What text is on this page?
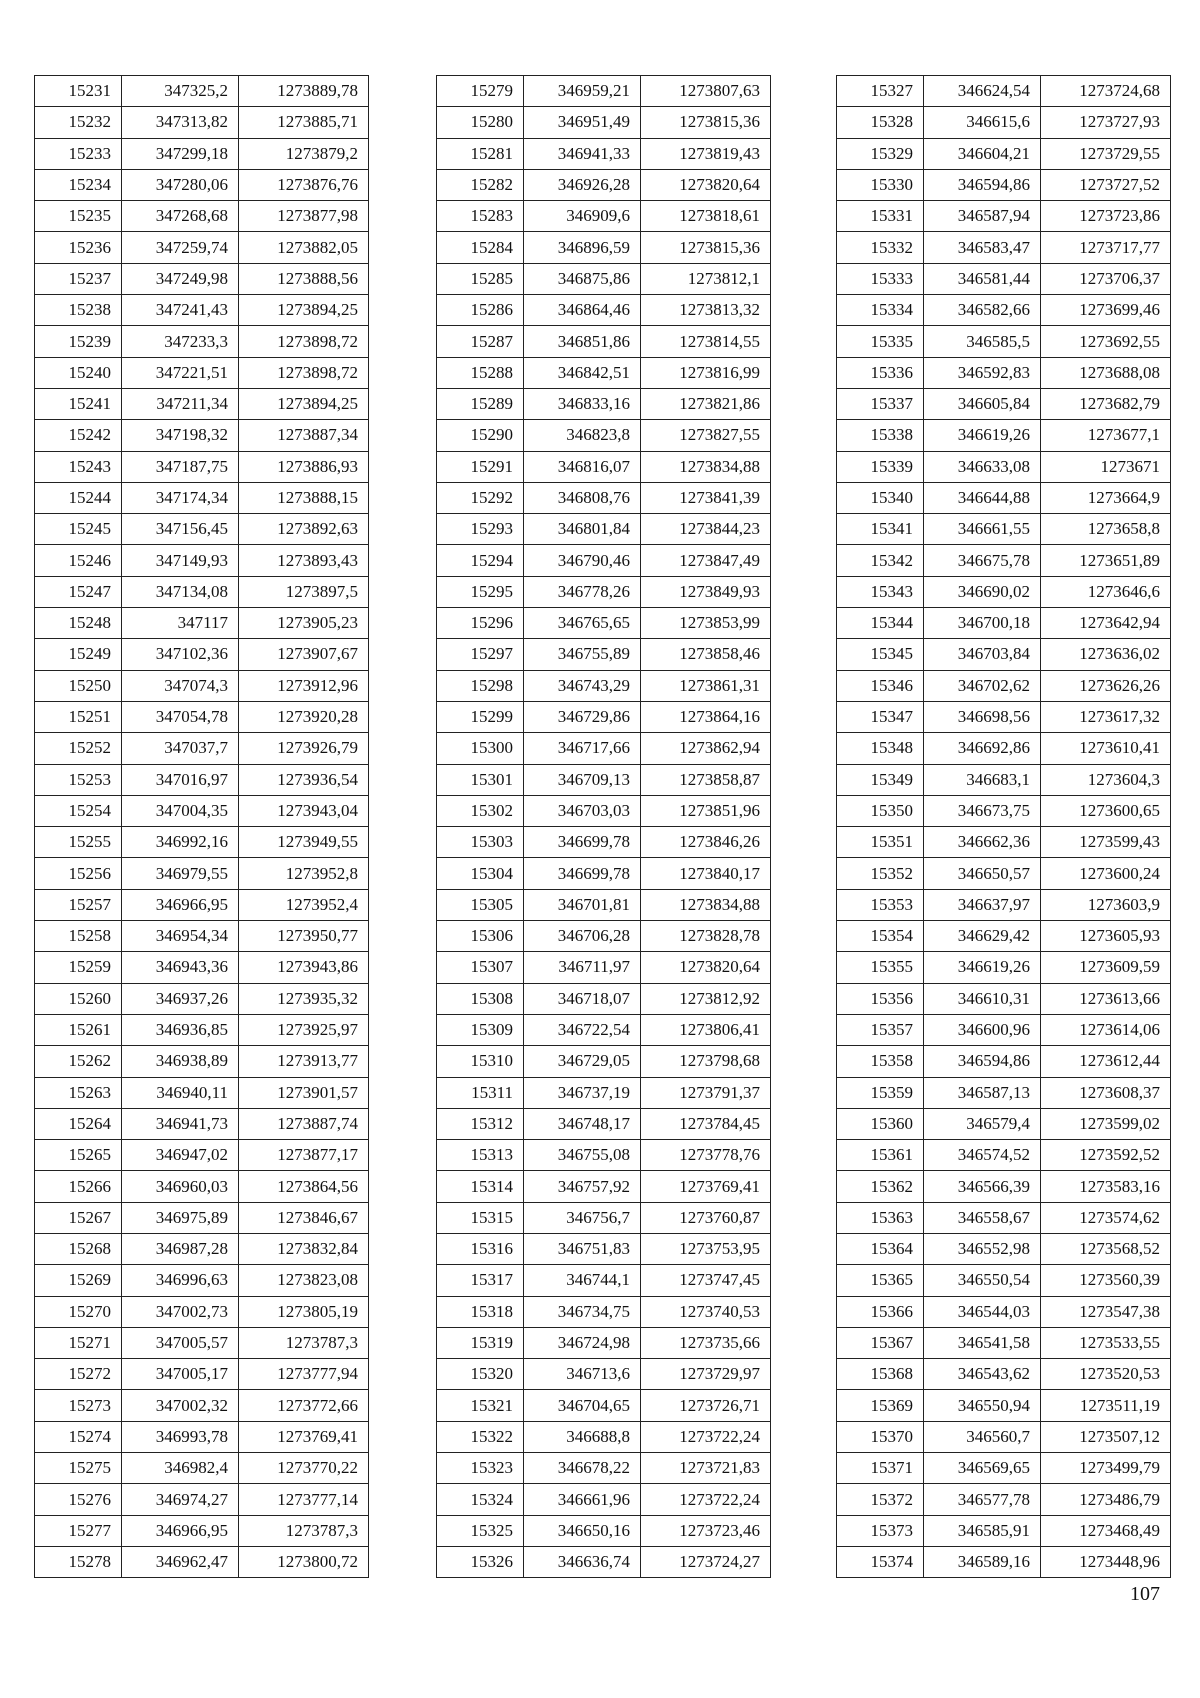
15231	347325,2	1273889,78
15232	347313,82	1273885,71
15233	347299,18	1273879,2
15234	347280,06	1273876,76
15235	347268,68	1273877,98
15236	347259,74	1273882,05
15237	347249,98	1273888,56
15238	347241,43	1273894,25
15239	347233,3	1273898,72
15240	347221,51	1273898,72
15241	347211,34	1273894,25
15242	347198,32	1273887,34
15243	347187,75	1273886,93
15244	347174,34	1273888,15
15245	347156,45	1273892,63
15246	347149,93	1273893,43
15247	347134,08	1273897,5
15248	347117	1273905,23
15249	347102,36	1273907,67
15250	347074,3	1273912,96
15251	347054,78	1273920,28
15252	347037,7	1273926,79
15253	347016,97	1273936,54
15254	347004,35	1273943,04
15255	346992,16	1273949,55
15256	346979,55	1273952,8
15257	346966,95	1273952,4
15258	346954,34	1273950,77
15259	346943,36	1273943,86
15260	346937,26	1273935,32
15261	346936,85	1273925,97
15262	346938,89	1273913,77
15263	346940,11	1273901,57
15264	346941,73	1273887,74
15265	346947,02	1273877,17
15266	346960,03	1273864,56
15267	346975,89	1273846,67
15268	346987,28	1273832,84
15269	346996,63	1273823,08
15270	347002,73	1273805,19
15271	347005,57	1273787,3
15272	347005,17	1273777,94
15273	347002,32	1273772,66
15274	346993,78	1273769,41
15275	346982,4	1273770,22
15276	346974,27	1273777,14
15277	346966,95	1273787,3
15278	346962,47	1273800,72
15279	346959,21	1273807,63
15280	346951,49	1273815,36
15281	346941,33	1273819,43
15282	346926,28	1273820,64
15283	346909,6	1273818,61
15284	346896,59	1273815,36
15285	346875,86	1273812,1
15286	346864,46	1273813,32
15287	346851,86	1273814,55
15288	346842,51	1273816,99
15289	346833,16	1273821,86
15290	346823,8	1273827,55
15291	346816,07	1273834,88
15292	346808,76	1273841,39
15293	346801,84	1273844,23
15294	346790,46	1273847,49
15295	346778,26	1273849,93
15296	346765,65	1273853,99
15297	346755,89	1273858,46
15298	346743,29	1273861,31
15299	346729,86	1273864,16
15300	346717,66	1273862,94
15301	346709,13	1273858,87
15302	346703,03	1273851,96
15303	346699,78	1273846,26
15304	346699,78	1273840,17
15305	346701,81	1273834,88
15306	346706,28	1273828,78
15307	346711,97	1273820,64
15308	346718,07	1273812,92
15309	346722,54	1273806,41
15310	346729,05	1273798,68
15311	346737,19	1273791,37
15312	346748,17	1273784,45
15313	346755,08	1273778,76
15314	346757,92	1273769,41
15315	346756,7	1273760,87
15316	346751,83	1273753,95
15317	346744,1	1273747,45
15318	346734,75	1273740,53
15319	346724,98	1273735,66
15320	346713,6	1273729,97
15321	346704,65	1273726,71
15322	346688,8	1273722,24
15323	346678,22	1273721,83
15324	346661,96	1273722,24
15325	346650,16	1273723,46
15326	346636,74	1273724,27
15327	346624,54	1273724,68
15328	346615,6	1273727,93
15329	346604,21	1273729,55
15330	346594,86	1273727,52
15331	346587,94	1273723,86
15332	346583,47	1273717,77
15333	346581,44	1273706,37
15334	346582,66	1273699,46
15335	346585,5	1273692,55
15336	346592,83	1273688,08
15337	346605,84	1273682,79
15338	346619,26	1273677,1
15339	346633,08	1273671
15340	346644,88	1273664,9
15341	346661,55	1273658,8
15342	346675,78	1273651,89
15343	346690,02	1273646,6
15344	346700,18	1273642,94
15345	346703,84	1273636,02
15346	346702,62	1273626,26
15347	346698,56	1273617,32
15348	346692,86	1273610,41
15349	346683,1	1273604,3
15350	346673,75	1273600,65
15351	346662,36	1273599,43
15352	346650,57	1273600,24
15353	346637,97	1273603,9
15354	346629,42	1273605,93
15355	346619,26	1273609,59
15356	346610,31	1273613,66
15357	346600,96	1273614,06
15358	346594,86	1273612,44
15359	346587,13	1273608,37
15360	346579,4	1273599,02
15361	346574,52	1273592,52
15362	346566,39	1273583,16
15363	346558,67	1273574,62
15364	346552,98	1273568,52
15365	346550,54	1273560,39
15366	346544,03	1273547,38
15367	346541,58	1273533,55
15368	346543,62	1273520,53
15369	346550,94	1273511,19
15370	346560,7	1273507,12
15371	346569,65	1273499,79
15372	346577,78	1273486,79
15373	346585,91	1273468,49
15374	346589,16	1273448,96
107
